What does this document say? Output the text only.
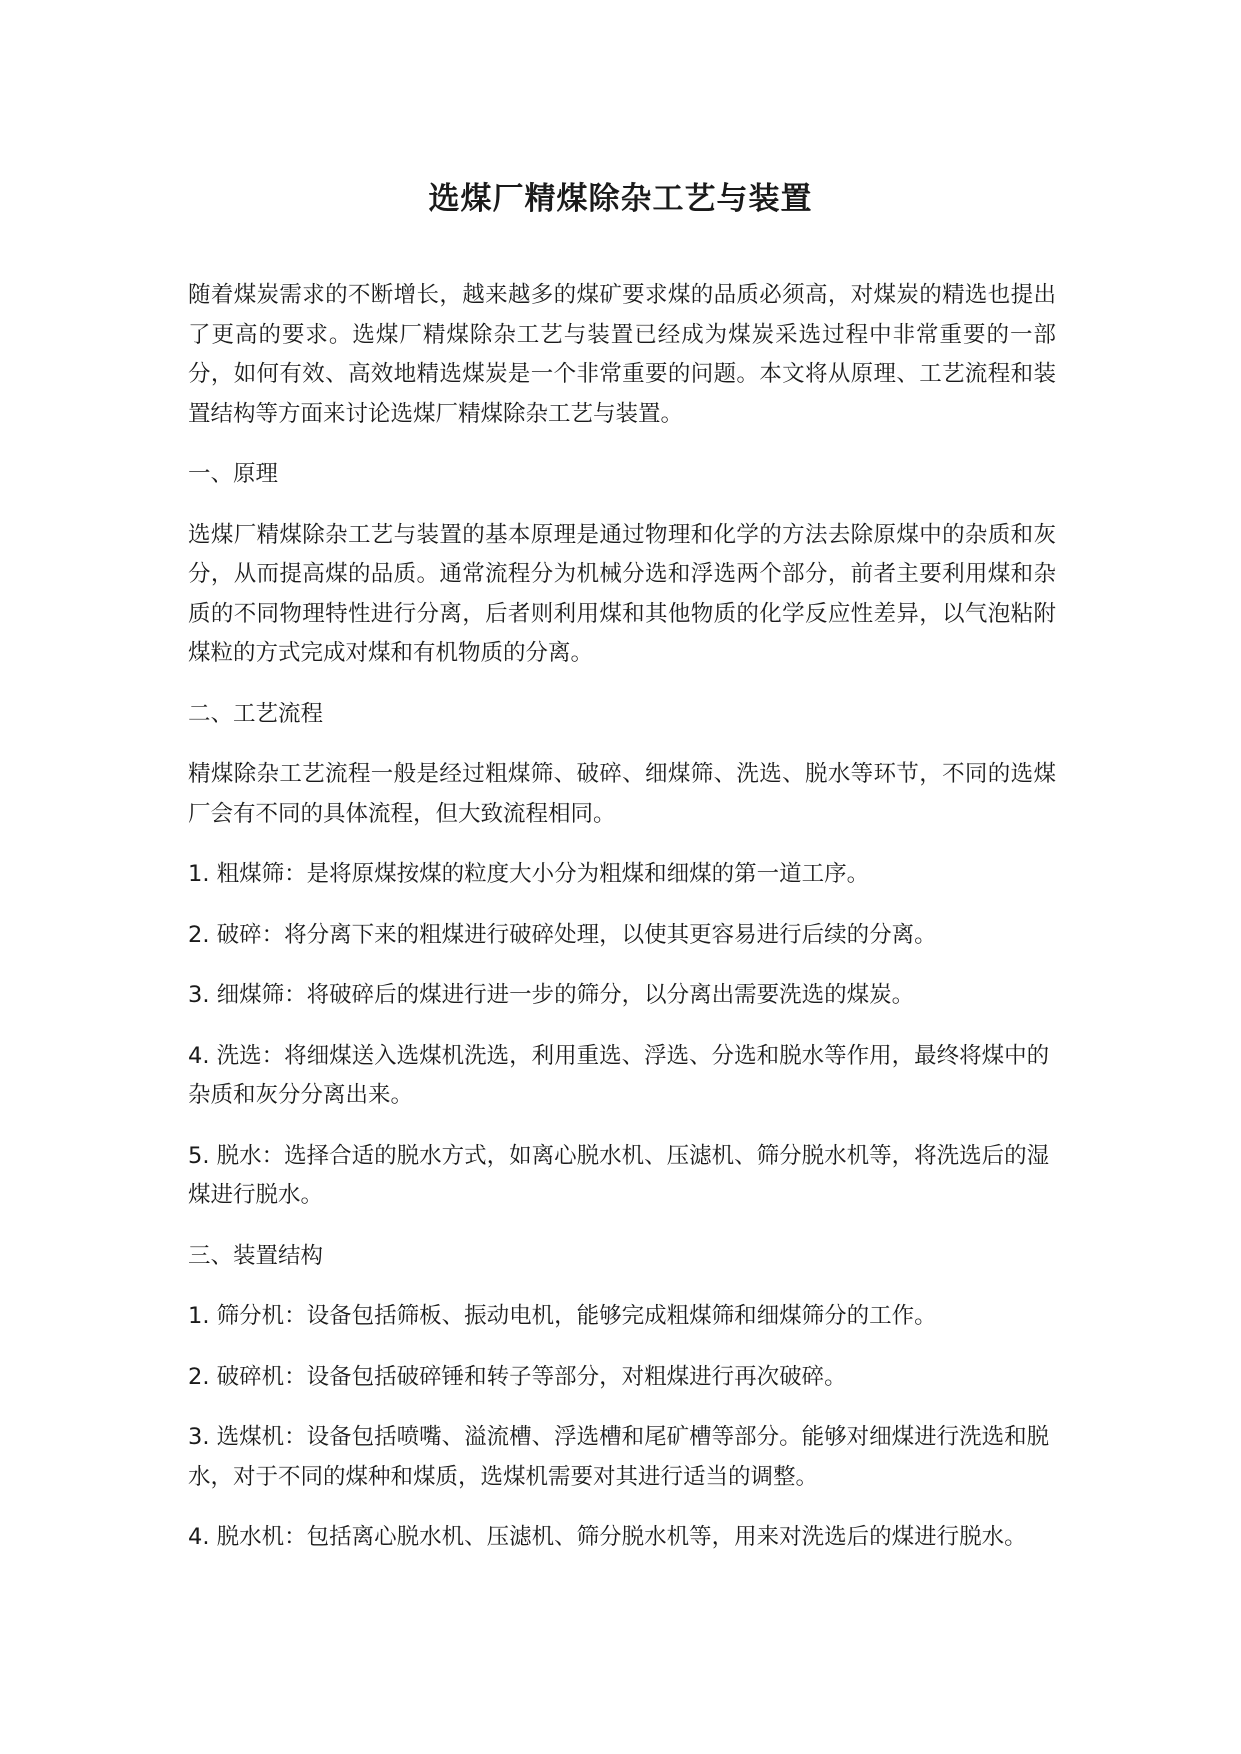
选煤厂精煤除杂工艺与装置

随着煤炭需求的不断增长，越来越多的煤矿要求煤的品质必须高，对煤炭的精选也提出了更高的要求。选煤厂精煤除杂工艺与装置已经成为煤炭采选过程中非常重要的一部分，如何有效、高效地精选煤炭是一个非常重要的问题。本文将从原理、工艺流程和装置结构等方面来讨论选煤厂精煤除杂工艺与装置。

一、原理

选煤厂精煤除杂工艺与装置的基本原理是通过物理和化学的方法去除原煤中的杂质和灰分，从而提高煤的品质。通常流程分为机械分选和浮选两个部分，前者主要利用煤和杂质的不同物理特性进行分离，后者则利用煤和其他物质的化学反应性差异，以气泡粘附煤粒的方式完成对煤和有机物质的分离。

二、工艺流程

精煤除杂工艺流程一般是经过粗煤筛、破碎、细煤筛、洗选、脱水等环节，不同的选煤厂会有不同的具体流程，但大致流程相同。

1. 粗煤筛：是将原煤按煤的粒度大小分为粗煤和细煤的第一道工序。

2. 破碎：将分离下来的粗煤进行破碎处理，以使其更容易进行后续的分离。

3. 细煤筛：将破碎后的煤进行进一步的筛分，以分离出需要洗选的煤炭。

4. 洗选：将细煤送入选煤机洗选，利用重选、浮选、分选和脱水等作用，最终将煤中的杂质和灰分分离出来。

5. 脱水：选择合适的脱水方式，如离心脱水机、压滤机、筛分脱水机等，将洗选后的湿煤进行脱水。

三、装置结构

1. 筛分机：设备包括筛板、振动电机，能够完成粗煤筛和细煤筛分的工作。

2. 破碎机：设备包括破碎锤和转子等部分，对粗煤进行再次破碎。

3. 选煤机：设备包括喷嘴、溢流槽、浮选槽和尾矿槽等部分。能够对细煤进行洗选和脱水，对于不同的煤种和煤质，选煤机需要对其进行适当的调整。

4. 脱水机：包括离心脱水机、压滤机、筛分脱水机等，用来对洗选后的煤进行脱水。
